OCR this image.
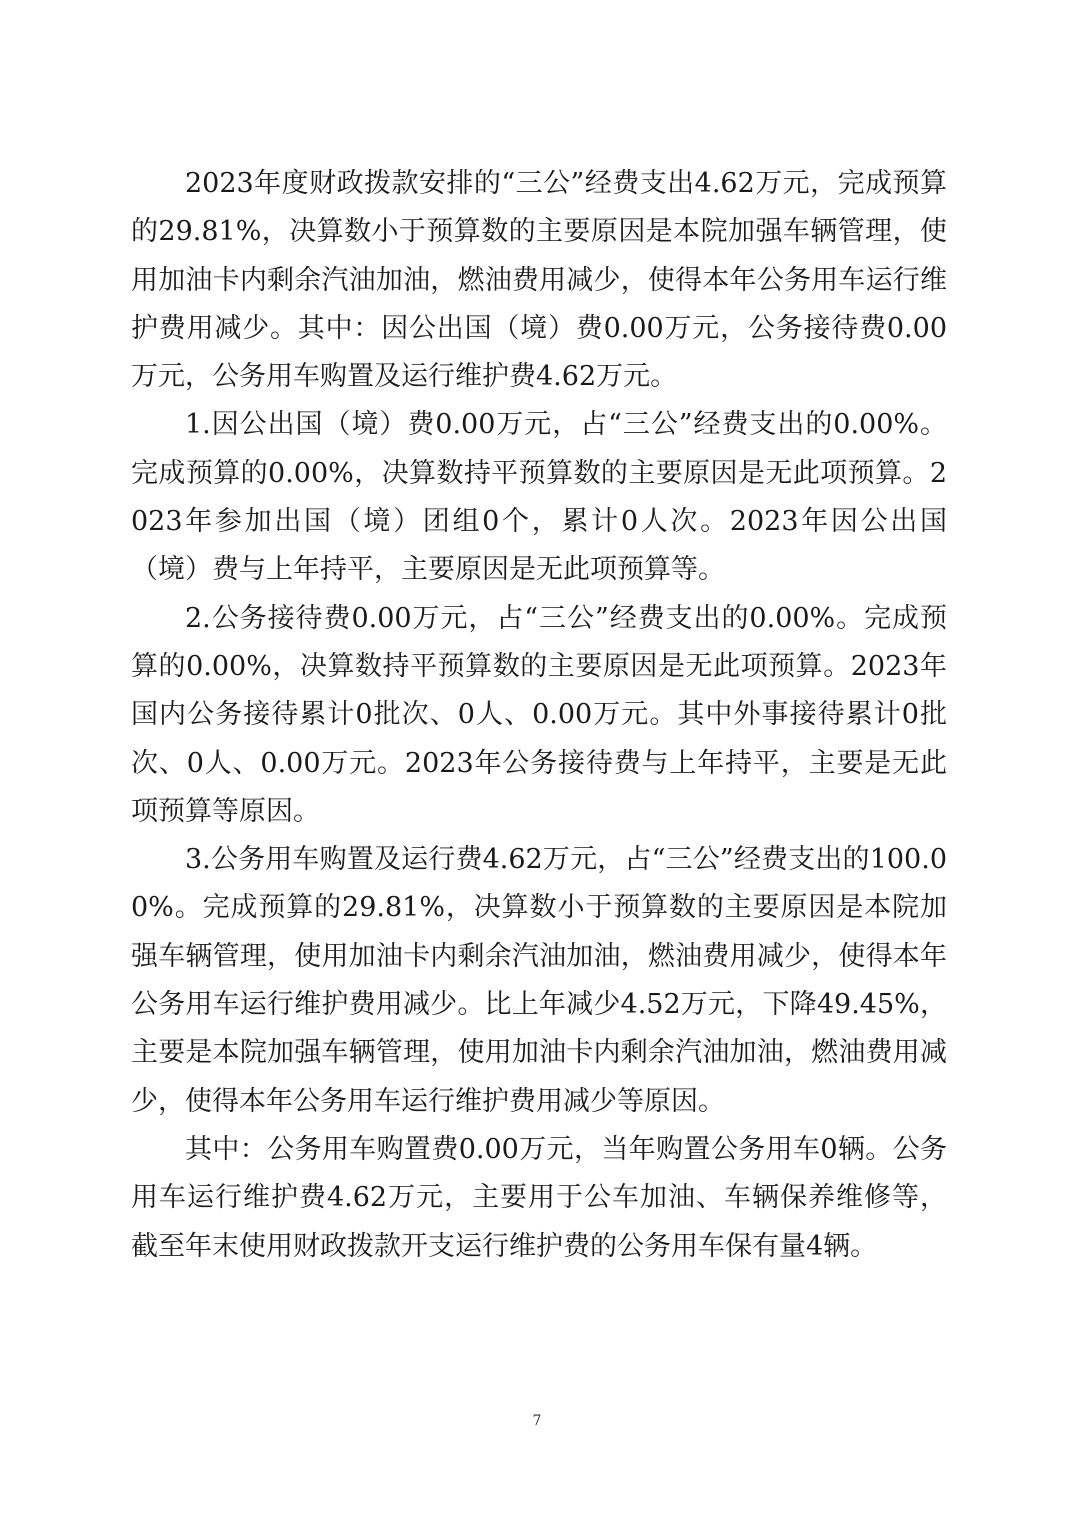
2023年度财政拨款安排的“三公”经费支出4.62万元，完成预算的29.81%，决算数小于预算数的主要原因是本院加强车辆管理，使用加油卡内剩余汽油加油，燃油费用减少，使得本年公务用车运行维护费用减少。其中：因公出国（境）费0.00万元，公务接待费0.00万元，公务用车购置及运行维护费4.62万元。

1.因公出国（境）费0.00万元，占“三公”经费支出的0.00%。完成预算的0.00%，决算数持平预算数的主要原因是无此项预算。2023年参加出国（境）团组0个，累计0人次。2023年因公出国（境）费与上年持平，主要原因是无此项预算等。

2.公务接待费0.00万元，占“三公”经费支出的0.00%。完成预算的0.00%，决算数持平预算数的主要原因是无此项预算。2023年国内公务接待累计0批次、0人、0.00万元。其中外事接待累计0批次、0人、0.00万元。2023年公务接待费与上年持平，主要是无此项预算等原因。

3.公务用车购置及运行费4.62万元，占“三公”经费支出的100.00%。完成预算的29.81%，决算数小于预算数的主要原因是本院加强车辆管理，使用加油卡内剩余汽油加油，燃油费用减少，使得本年公务用车运行维护费用减少。比上年减少4.52万元，下降49.45%，主要是本院加强车辆管理，使用加油卡内剩余汽油加油，燃油费用减少，使得本年公务用车运行维护费用减少等原因。

其中：公务用车购置费0.00万元，当年购置公务用车0辆。公务用车运行维护费4.62万元，主要用于公车加油、车辆保养维修等，截至年末使用财政拨款开支运行维护费的公务用车保有量4辆。

7
